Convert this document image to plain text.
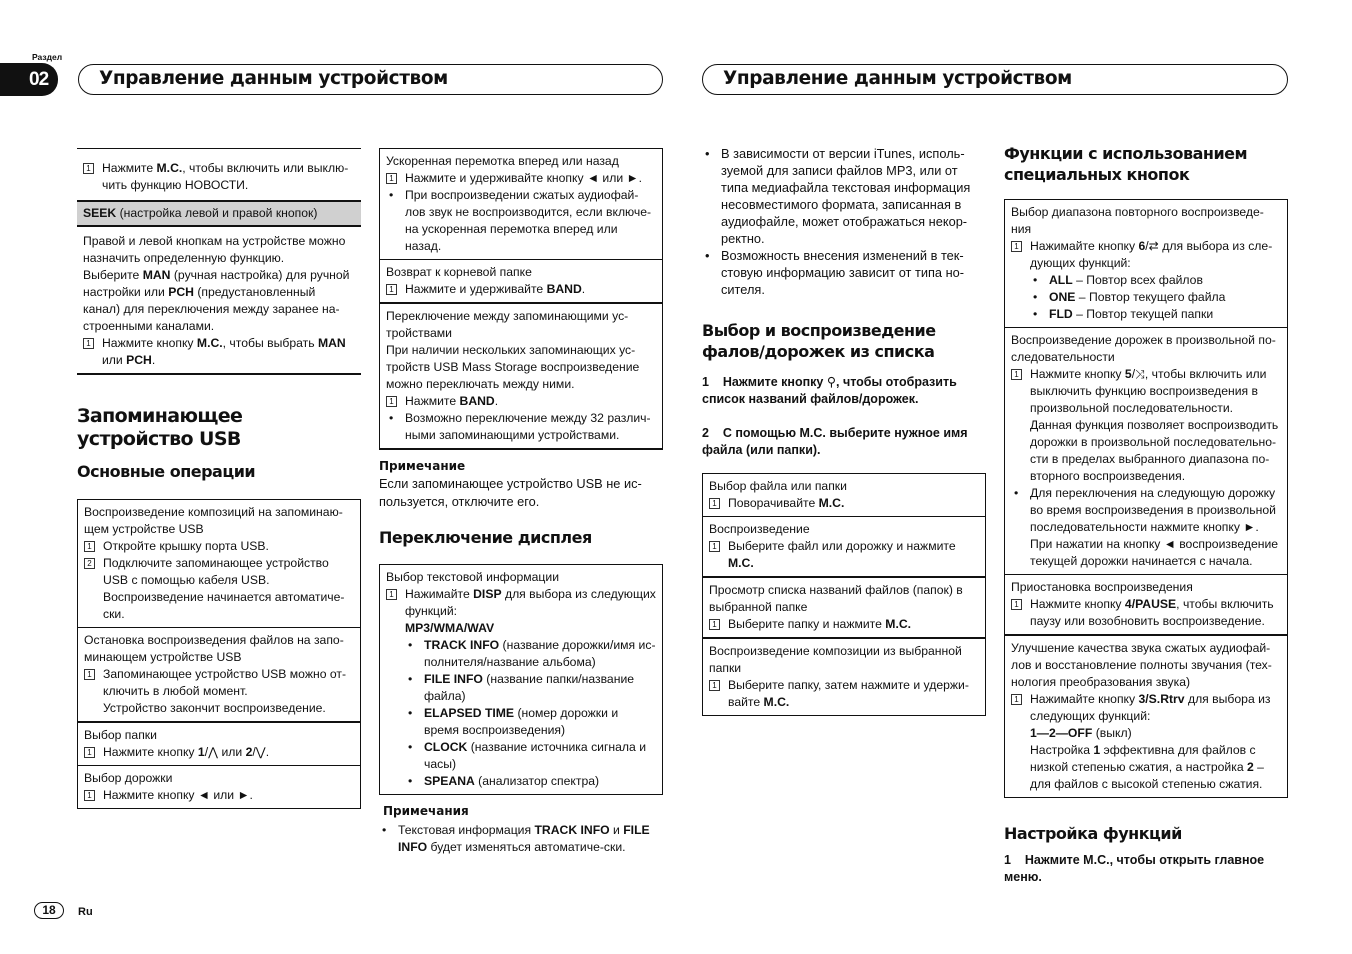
Раздел
02	Управление данным устройством	Управление данным устройством
1 Нажмите M.C., чтобы включить или выклю-чить функцию НОВОСТИ.
SEEK (настройка левой и правой кнопок)
Правой и левой кнопкам на устройстве можно назначить определенную функцию.
Выберите MAN (ручная настройка) для ручной настройки или PCH (предустановленный канал) для переключения между заранее на-строенными каналами.
1 Нажмите кнопку M.C., чтобы выбрать MAN или PCH.
Запоминающее устройство USB
Основные операции
Воспроизведение композиций на запоминаю-щем устройстве USB
1 Откройте крышку порта USB.
2 Подключите запоминающее устройство USB с помощью кабеля USB.
Воспроизведение начинается автоматиче-ски.
Остановка воспроизведения файлов на запо-минающем устройстве USB
1 Запоминающее устройство USB можно от-ключить в любой момент.
Устройство закончит воспроизведение.
Выбор папки
1 Нажмите кнопку 1/⋀ или 2/⋁.
Выбор дорожки
1 Нажмите кнопку ◄ или ►.
Ускоренная перемотка вперед или назад
1 Нажмите и удерживайте кнопку ◄ или ►.
• При воспроизведении сжатых аудиофай-лов звук не воспроизводится, если включе-на ускоренная перемотка вперед или назад.
Возврат к корневой папке
1 Нажмите и удерживайте BAND.
Переключение между запоминающими ус-тройствами
При наличии нескольких запоминающих ус-тройств USB Mass Storage воспроизведение можно переключать между ними.
1 Нажмите BAND.
• Возможно переключение между 32 различ-ными запоминающими устройствами.
Примечание
Если запоминающее устройство USB не ис-пользуется, отключите его.
Переключение дисплея
Выбор текстовой информации
1 Нажимайте DISP для выбора из следующих функций:
MP3/WMA/WAV
• TRACK INFO (название дорожки/имя ис-полнителя/название альбома)
• FILE INFO (название папки/название файла)
• ELAPSED TIME (номер дорожки и время воспроизведения)
• CLOCK (название источника сигнала и часы)
• SPEANA (анализатор спектра)
Примечания
• Текстовая информация TRACK INFO и FILE INFO будет изменяться автоматиче-ски.
• В зависимости от версии iTunes, исполь-зуемой для записи файлов MP3, или от типа медиафайла текстовая информация несовместимого формата, записанная в аудиофайле, может отображаться некор-ректно.
• Возможность внесения изменений в тек-стовую информацию зависит от типа но-сителя.
Выбор и воспроизведение фалов/дорожек из списка
1 Нажмите кнопку ⚲, чтобы отобразить список названий файлов/дорожек.
2 С помощью M.C. выберите нужное имя файла (или папки).
Выбор файла или папки
1 Поворачивайте M.C.
Воспроизведение
1 Выберите файл или дорожку и нажмите M.C.
Просмотр списка названий файлов (папок) в выбранной папке
1 Выберите папку и нажмите M.C.
Воспроизведение композиции из выбранной папки
1 Выберите папку, затем нажмите и удержи-вайте M.C.
Функции с использованием специальных кнопок
Выбор диапазона повторного воспроизведе-ния
1 Нажимайте кнопку 6/⇄ для выбора из сле-дующих функций:
• ALL – Повтор всех файлов
• ONE – Повтор текущего файла
• FLD – Повтор текущей папки
Воспроизведение дорожек в произвольной по-следовательности
1 Нажмите кнопку 5/⤨, чтобы включить или выключить функцию воспроизведения в произвольной последовательности.
Данная функция позволяет воспроизводить дорожки в произвольной последовательно-сти в пределах выбранного диапазона по-вторного воспроизведения.
• Для переключения на следующую дорожку во время воспроизведения в произвольной последовательности нажмите кнопку ►.
При нажатии на кнопку ◄ воспроизведение текущей дорожки начинается с начала.
Приостановка воспроизведения
1 Нажмите кнопку 4/PAUSE, чтобы включить паузу или возобновить воспроизведение.
Улучшение качества звука сжатых аудиофай-лов и восстановление полноты звучания (тех-нология преобразования звука)
1 Нажимайте кнопку 3/S.Rtrv для выбора из следующих функций:
1—2—OFF (выкл)
Настройка 1 эффективна для файлов с низкой степенью сжатия, а настройка 2 – для файлов с высокой степенью сжатия.
Настройка функций
1 Нажмите M.C., чтобы открыть главное меню.
18	Ru
